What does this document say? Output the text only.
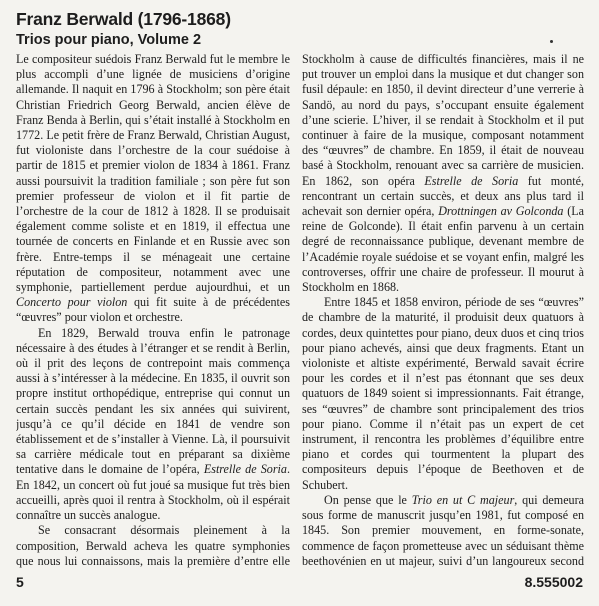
Franz Berwald (1796-1868)
Trios pour piano, Volume 2

Le compositeur suédois Franz Berwald fut le membre le plus accompli d’une lignée de musiciens d’origine allemande. Il naquit en 1796 à Stockholm; son père était Christian Friedrich Georg Berwald, ancien élève de Franz Benda à Berlin, qui s’était installé à Stockholm en 1772. Le petit frère de Franz Berwald, Christian August, fut violoniste dans l’orchestre de la cour suédoise à partir de 1815 et premier violon de 1834 à 1861. Franz aussi poursuivit la tradition familiale ; son père fut son premier professeur de violon et il fit partie de l’orchestre de la cour de 1812 à 1828. Il se produisait également comme soliste et en 1819, il effectua une tournée de concerts en Finlande et en Russie avec son frère. Entre-temps il se ménageait une certaine réputation de compositeur, notamment avec une symphonie, partiellement perdue aujourdhui, et un Concerto pour violon qui fit suite à de précédentes “œuvres” pour violon et orchestre.

En 1829, Berwald trouva enfin le patronage nécessaire à des études à l’étranger et se rendit à Berlin, où il prit des leçons de contrepoint mais commença aussi à s’intéresser à la médecine. En 1835, il ouvrit son propre institut orthopédique, entreprise qui connut un certain succès pendant les six années qui suivirent, jusqu’à ce qu’il décide en 1841 de vendre son établissement et de s’installer à Vienne. Là, il poursuivit sa carrière médicale tout en préparant sa dixième tentative dans le domaine de l’opéra, Estrelle de Soria. En 1842, un concert où fut joué sa musique fut très bien accueilli, après quoi il rentra à Stockholm, où il espérait connaître un succès analogue.

Se consacrant désormais pleinement à la composition, Berwald acheva les quatre symphonies que nous lui connaissons, mais la première d’entre elle

Stockholm à cause de difficultés financières, mais il ne put trouver un emploi dans la musique et dut changer son fusil dépaule: en 1850, il devint directeur d’une verrerie à Sandö, au nord du pays, s’occupant ensuite également d’une scierie. L’hiver, il se rendait à Stockholm et il put continuer à faire de la musique, composant notamment des “œuvres” de chambre. En 1859, il était de nouveau basé à Stockholm, renouant avec sa carrière de musicien. En 1862, son opéra Estrelle de Soria fut monté, rencontrant un certain succès, et deux ans plus tard il achevait son dernier opéra, Drottningen av Golconda (La reine de Golconde). Il était enfin parvenu à un certain degré de reconnaissance publique, devenant membre de l’Académie royale suédoise et se voyant enfin, malgré les controverses, offrir une chaire de professeur. Il mourut à Stockholm en 1868.

Entre 1845 et 1858 environ, période de ses “œuvres” de chambre de la maturité, il produisit deux quatuors à cordes, deux quintettes pour piano, deux duos et cinq trios pour piano achevés, ainsi que deux fragments. Etant un violoniste et altiste expérimenté, Berwald savait écrire pour les cordes et il n’est pas étonnant que ses deux quatuors de 1849 soient si impressionnants. Fait étrange, ses “œuvres” de chambre sont principalement des trios pour piano. Comme il n’était pas un expert de cet instrument, il rencontra les problèmes d’équilibre entre piano et cordes qui tourmentent la plupart des compositeurs depuis l’époque de Beethoven et de Schubert.

On pense que le Trio en ut C majeur, qui demeura sous forme de manuscrit jusqu’en 1981, fut composé en 1845. Son premier mouvement, en forme-sonate, commence de façon prometteuse avec un séduisant thème beethovénien en ut majeur, suivi d’un langoureux second

5	8.555002
